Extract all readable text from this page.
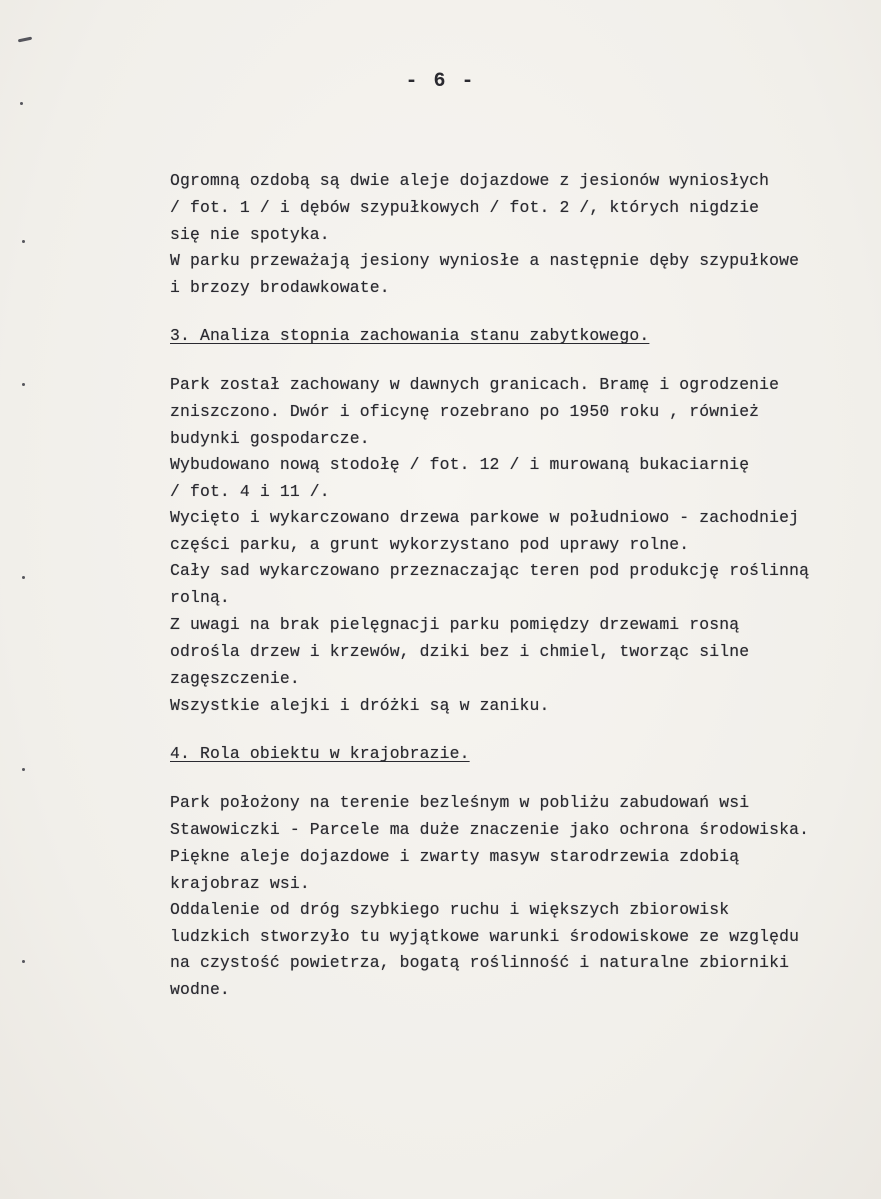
- 6 -
Ogromną ozdobą są dwie aleje dojazdowe z jesionów wyniosłych
/ fot. 1 / i dębów szypułkowych / fot. 2 /, których nigdzie
się nie spotyka.
W parku przeważają jesiony wyniosłe a następnie dęby szypułkowe
i brzozy brodawkowate.
3. Analiza stopnia zachowania stanu zabytkowego.
Park został zachowany w dawnych granicach. Bramę i ogrodzenie
zniszczono. Dwór i oficynę rozebrano po 1950 roku , również
budynki gospodarcze.
Wybudowano nową stodołę / fot. 12 / i murowaną bukaciarnię
/ fot. 4 i 11 /.
Wycięto i wykarczowano drzewa parkowe w południowo - zachodniej
części parku, a grunt wykorzystano pod uprawy rolne.
Cały sad wykarczowano przeznaczając teren pod produkcję roślinną
rolną.
Z uwagi na brak pielęgnacji parku pomiędzy drzewami rosną
odrośla drzew i krzewów, dziki bez i chmiel, tworząc silne
zagęszczenie.
Wszystkie alejki i dróżki są w zaniku.
4. Rola obiektu w krajobrazie.
Park położony na terenie bezleśnym w pobliżu zabudowań wsi
Stawowiczki - Parcele ma duże znaczenie jako ochrona środowiska.
Piękne aleje dojazdowe i zwarty masyw starodrzewia zdobią
krajobraz wsi.
Oddalenie od dróg szybkiego ruchu i większych zbiorowisk
ludzkich stworzyło tu wyjątkowe warunki środowiskowe ze względu
na czystość powietrza, bogatą roślinność i naturalne zbiorniki
wodne.
